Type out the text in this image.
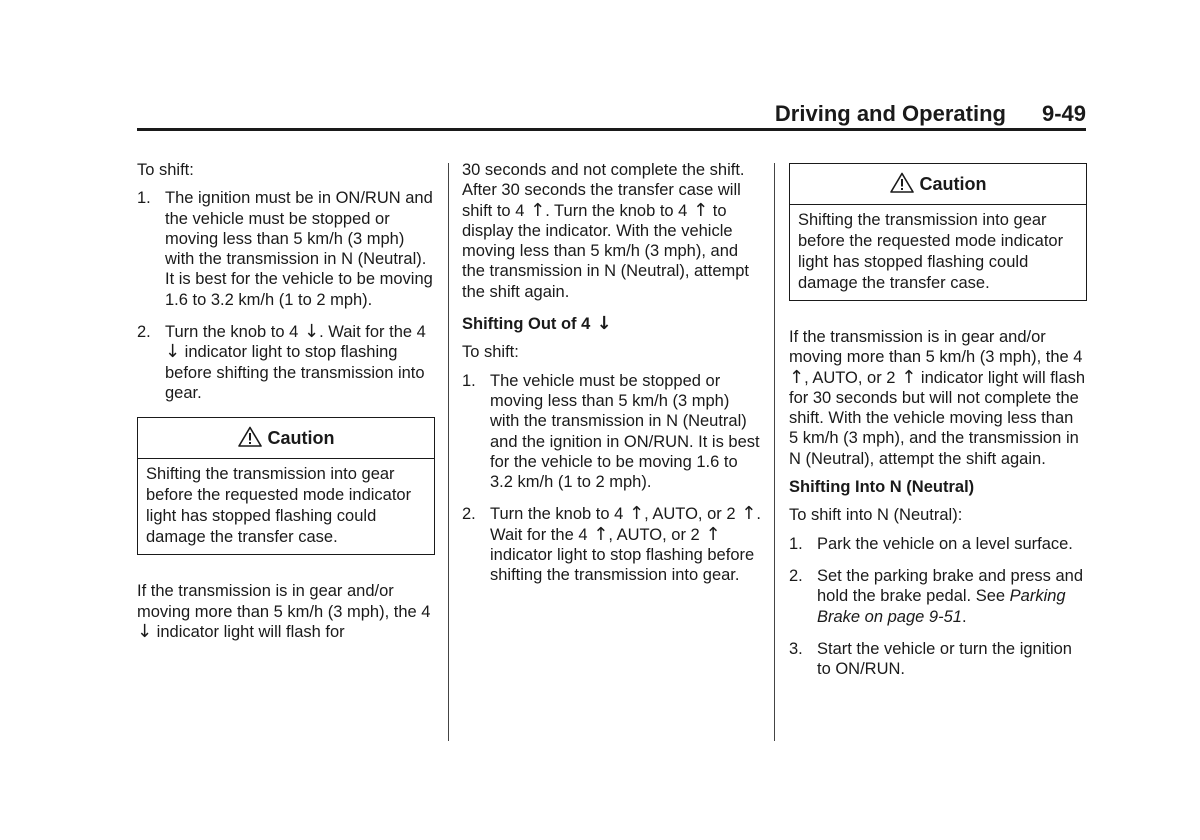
Driving and Operating 9-49

To shift:

1. The ignition must be in ON/RUN and the vehicle must be stopped or moving less than 5 km/h (3 mph) with the transmission in N (Neutral). It is best for the vehicle to be moving 1.6 to 3.2 km/h (1 to 2 mph).
2. Turn the knob to 4 ↓. Wait for the 4 ↓ indicator light to stop flashing before shifting the transmission into gear.
Caution
Shifting the transmission into gear before the requested mode indicator light has stopped flashing could damage the transfer case.

If the transmission is in gear and/or moving more than 5 km/h (3 mph), the 4 ↓ indicator light will flash for

30 seconds and not complete the shift. After 30 seconds the transfer case will shift to 4 ↑. Turn the knob to 4 ↑ to display the indicator. With the vehicle moving less than 5 km/h (3 mph), and the transmission in N (Neutral), attempt the shift again.

Shifting Out of 4 ↓

To shift:

1. The vehicle must be stopped or moving less than 5 km/h (3 mph) with the transmission in N (Neutral) and the ignition in ON/RUN. It is best for the vehicle to be moving 1.6 to 3.2 km/h (1 to 2 mph).
2. Turn the knob to 4 ↑, AUTO, or 2 ↑. Wait for the 4 ↑, AUTO, or 2 ↑ indicator light to stop flashing before shifting the transmission into gear.
Caution
Shifting the transmission into gear before the requested mode indicator light has stopped flashing could damage the transfer case.

If the transmission is in gear and/or moving more than 5 km/h (3 mph), the 4 ↑, AUTO, or 2 ↑ indicator light will flash for 30 seconds but will not complete the shift. With the vehicle moving less than 5 km/h (3 mph), and the transmission in N (Neutral), attempt the shift again.

Shifting Into N (Neutral)

To shift into N (Neutral):

1. Park the vehicle on a level surface.
2. Set the parking brake and press and hold the brake pedal. See Parking Brake on page 9-51.
3. Start the vehicle or turn the ignition to ON/RUN.
